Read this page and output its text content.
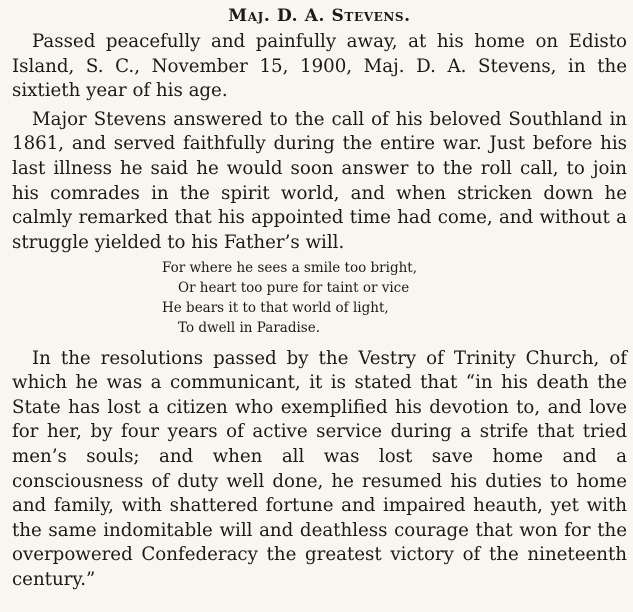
Maj. D. A. Stevens.

Passed peacefully and painfully away, at his home on Edisto Island, S. C., November 15, 1900, Maj. D. A. Stevens, in the sixtieth year of his age.

Major Stevens answered to the call of his beloved Southland in 1861, and served faithfully during the entire war. Just before his last illness he said he would soon answer to the roll call, to join his comrades in the spirit world, and when stricken down he calmly remarked that his appointed time had come, and without a struggle yielded to his Father’s will.

For where he sees a smile too bright,
Or heart too pure for taint or vice
He bears it to that world of light,
To dwell in Paradise.

In the resolutions passed by the Vestry of Trinity Church, of which he was a communicant, it is stated that “in his death the State has lost a citizen who exemplified his devotion to, and love for her, by four years of active service during a strife that tried men’s souls; and when all was lost save home and a consciousness of duty well done, he resumed his duties to home and family, with shattered fortune and impaired heauth, yet with the same indomitable will and deathless courage that won for the overpowered Confederacy the greatest victory of the nineteenth century.”
